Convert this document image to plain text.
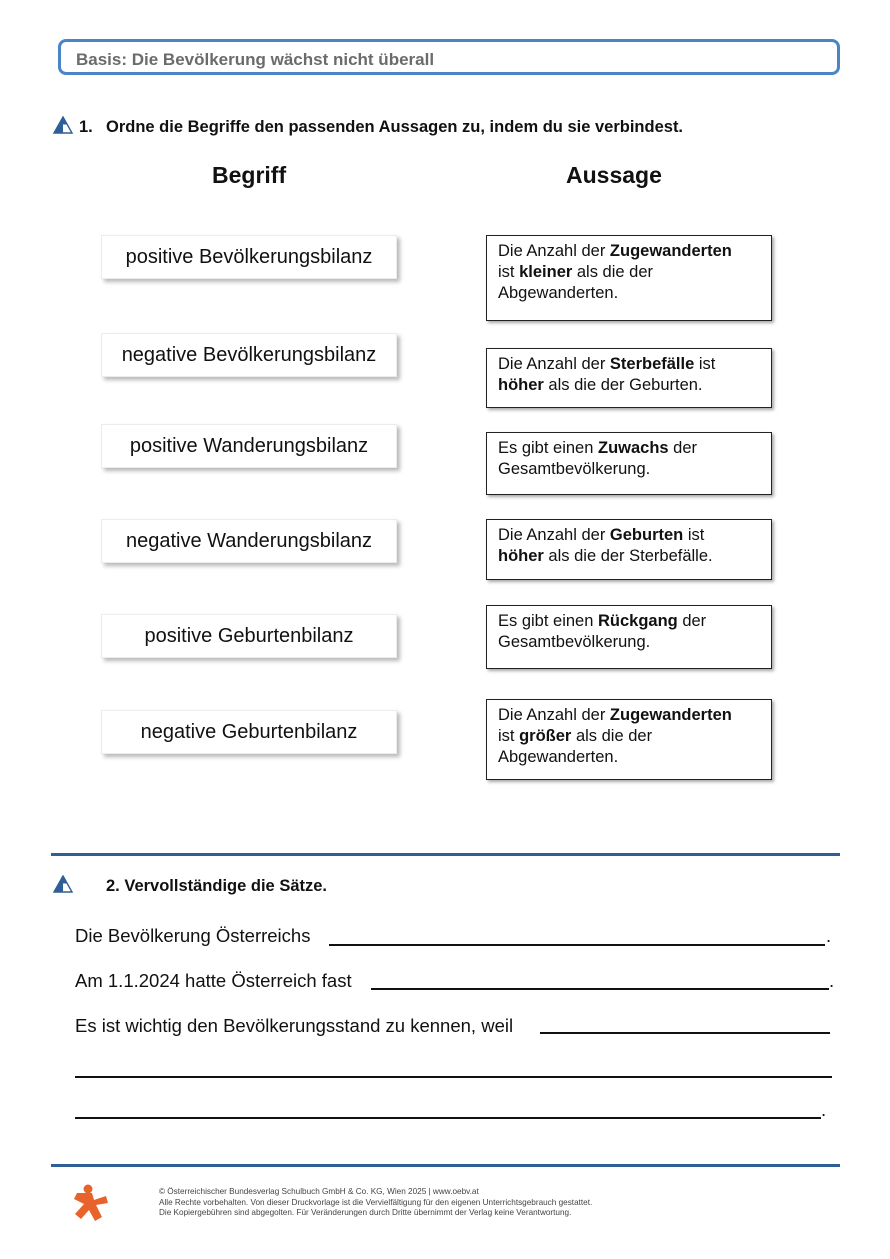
Basis: Die Bevölkerung wächst nicht überall
1. Ordne die Begriffe den passenden Aussagen zu, indem du sie verbindest.
Begriff	Aussage
positive Bevölkerungsbilanz
negative Bevölkerungsbilanz
positive Wanderungsbilanz
negative Wanderungsbilanz
positive Geburtenbilanz
negative Geburtenbilanz
Die Anzahl der Zugewanderten
ist kleiner als die der Abgewanderten.
Die Anzahl der Sterbefälle ist
höher als die der Geburten.
Es gibt einen Zuwachs der Gesamtbevölkerung.
Die Anzahl der Geburten ist
höher als die der Sterbefälle.
Es gibt einen Rückgang der Gesamtbevölkerung.
Die Anzahl der Zugewanderten
ist größer als die der Abgewanderten.
2. Vervollständige die Sätze.
Die Bevölkerung Österreichs	.
Am 1.1.2024 hatte Österreich fast	.
Es ist wichtig den Bevölkerungsstand zu kennen, weil
.
© Österreichischer Bundesverlag Schulbuch GmbH & Co. KG, Wien 2025 | www.oebv.at
Alle Rechte vorbehalten. Von dieser Druckvorlage ist die Vervielfältigung für den eigenen Unterrichtsgebrauch gestattet.
Die Kopiergebühren sind abgegolten. Für Veränderungen durch Dritte übernimmt der Verlag keine Verantwortung.
